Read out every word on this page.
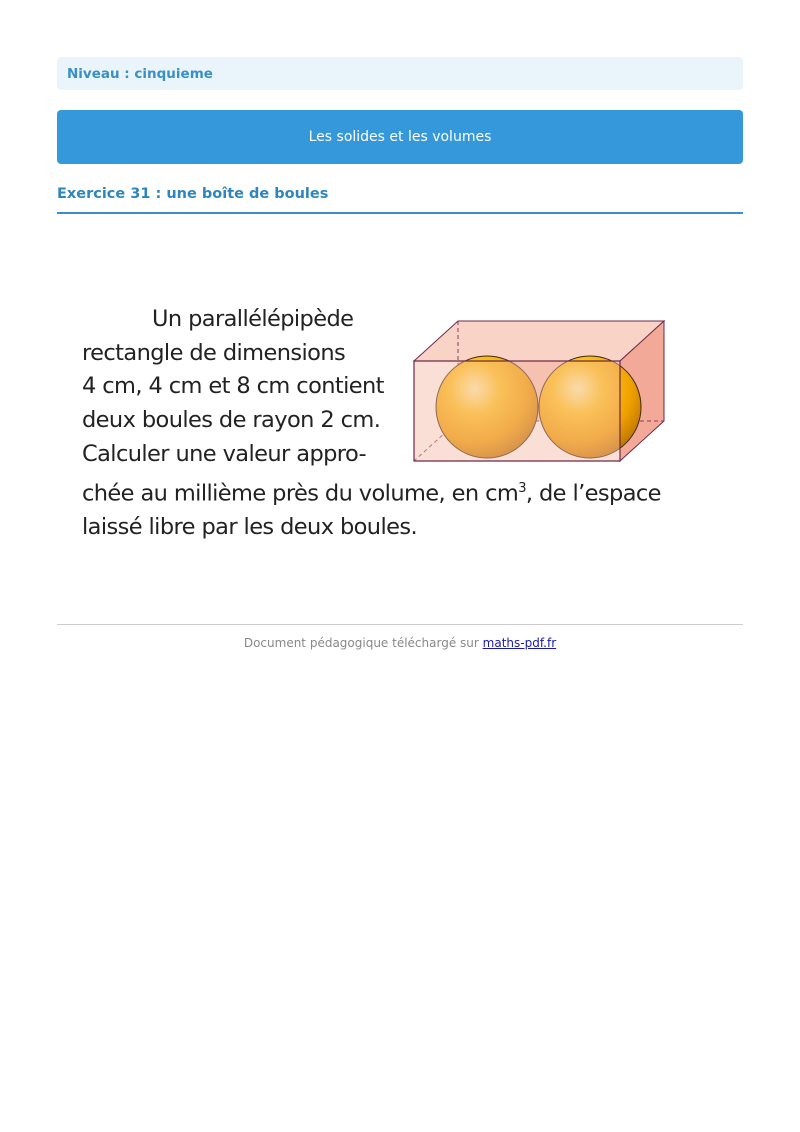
Niveau : cinquieme
Les solides et les volumes
Exercice 31 : une boîte de boules
Un parallélépipède
rectangle de dimensions
4 cm, 4 cm et 8 cm contient
deux boules de rayon 2 cm.
Calculer une valeur appro-
chée au millième près du volume, en $cm^3$, de l’espace
laissé libre par les deux boules.
Document pédagogique téléchargé sur maths-pdf.fr
